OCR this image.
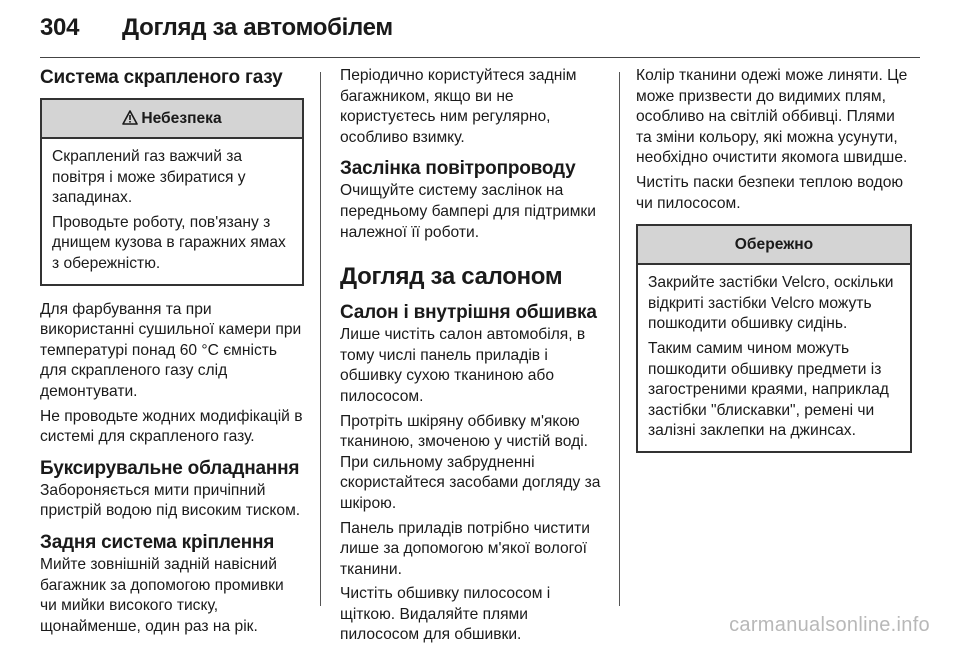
304 Догляд за автомобілем
Система скрапленого газу
Небезпека

Скраплений газ важчий за повітря і може збиратися у западинах.

Проводьте роботу, пов'язану з днищем кузова в гаражних ямах з обережністю.

Для фарбування та при використанні сушильної камери при температурі понад 60 °C ємність для скрапленого газу слід демонтувати.

Не проводьте жодних модифікацій в системі для скрапленого газу.

Буксирувальне обладнання

Забороняється мити причіпний пристрій водою під високим тиском.

Задня система кріплення

Мийте зовнішній задній навісний багажник за допомогою промивки чи мийки високого тиску, щонайменше, один раз на рік.

Періодично користуйтеся заднім багажником, якщо ви не користуєтесь ним регулярно, особливо взимку.

Заслінка повітропроводу

Очищуйте систему заслінок на передньому бампері для підтримки належної її роботи.

Догляд за салоном
Салон і внутрішня обшивка

Лише чистіть салон автомобіля, в тому числі панель приладів і обшивку сухою тканиною або пилососом.

Протріть шкіряну оббивку м'якою тканиною, змоченою у чистій воді. При сильному забрудненні скористайтеся засобами догляду за шкірою.

Панель приладів потрібно чистити лише за допомогою м'якої вологої тканини.

Чистіть обшивку пилососом і щіткою. Видаляйте плями пилососом для обшивки.

Колір тканини одежі може линяти. Це може призвести до видимих плям, особливо на світлій оббивці. Плями та зміни кольору, які можна усунути, необхідно очистити якомога швидше.

Чистіть паски безпеки теплою водою чи пилососом.

Обережно

Закрийте застібки Velcro, оскільки відкриті застібки Velcro можуть пошкодити обшивку сидінь.

Таким самим чином можуть пошкодити обшивку предмети із загостреними краями, наприклад застібки "блискавки", ремені чи залізні заклепки на джинсах.

carmanualsonline.info
